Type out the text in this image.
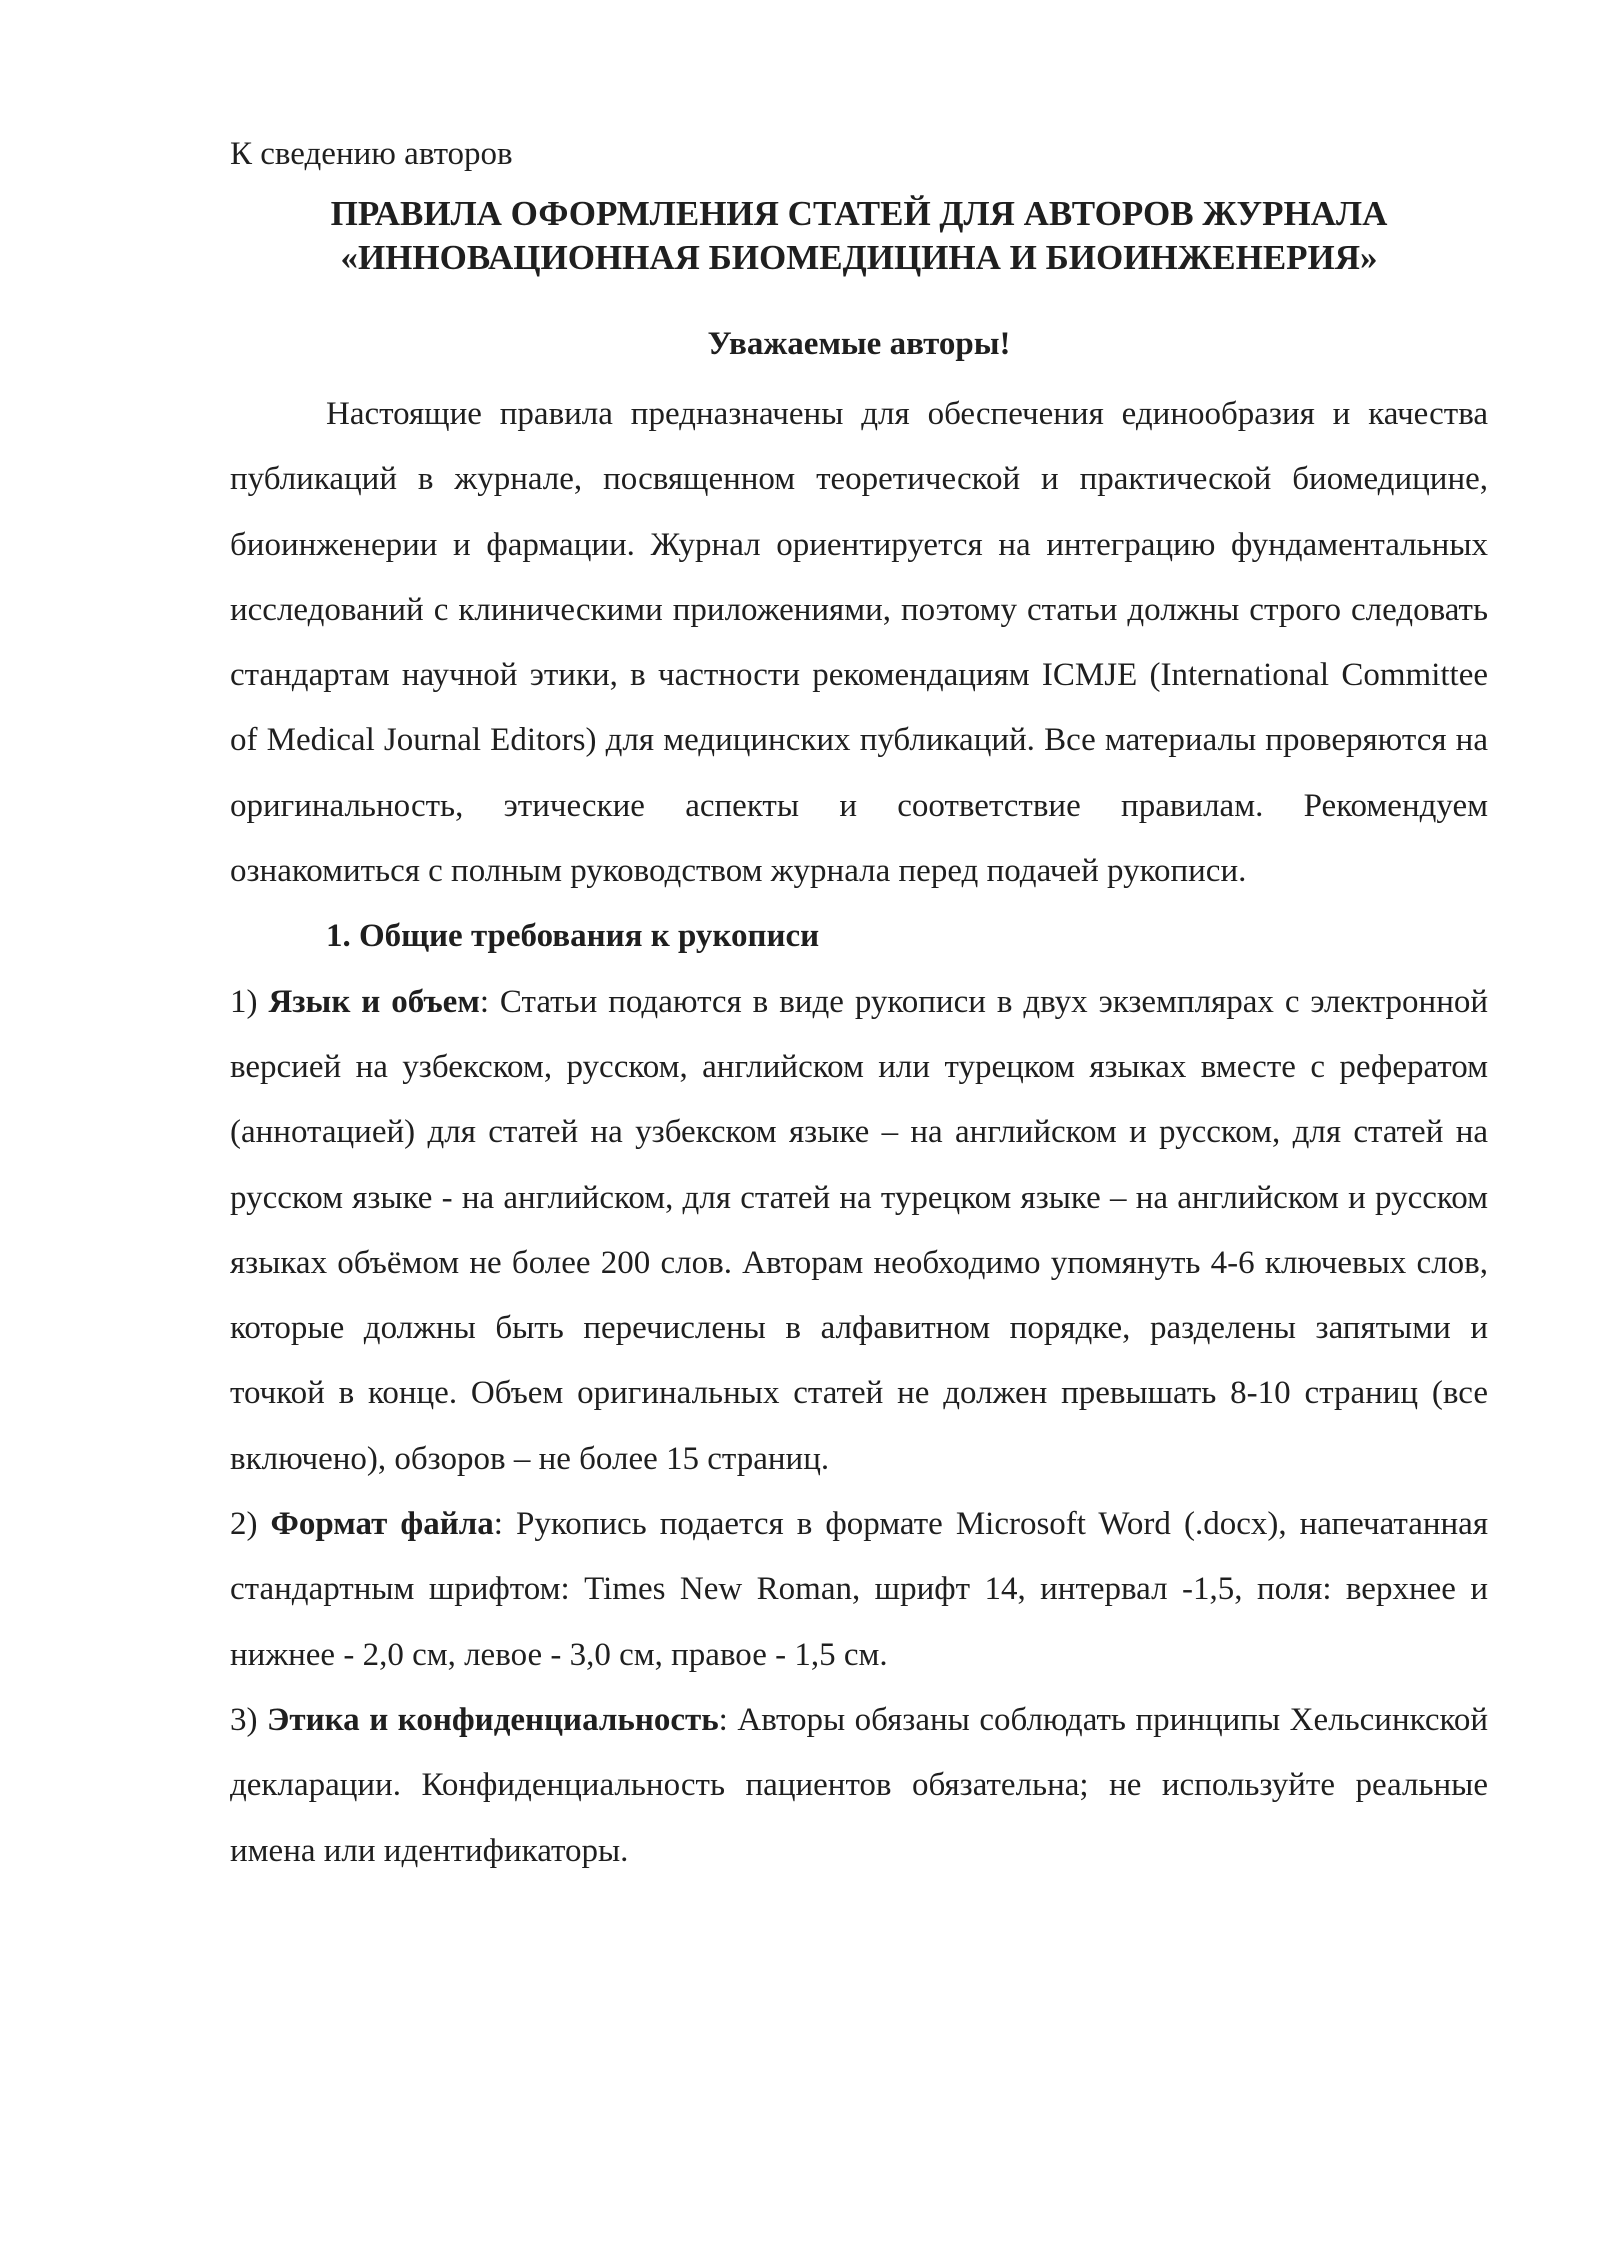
К сведению авторов
ПРАВИЛА ОФОРМЛЕНИЯ СТАТЕЙ ДЛЯ АВТОРОВ ЖУРНАЛА
«ИННОВАЦИОННАЯ БИОМЕДИЦИНА И БИОИНЖЕНЕРИЯ»
Уважаемые авторы!

Настоящие правила предназначены для обеспечения единообразия и качества публикаций в журнале, посвященном теоретической и практической биомедицине, биоинженерии и фармации. Журнал ориентируется на интеграцию фундаментальных исследований с клиническими приложениями, поэтому статьи должны строго следовать стандартам научной этики, в частности рекомендациям ICMJE (International Committee of Medical Journal Editors) для медицинских публикаций. Все материалы проверяются на оригинальность, этические аспекты и соответствие правилам. Рекомендуем ознакомиться с полным руководством журнала перед подачей рукописи.

1. Общие требования к рукописи

1) Язык и объем: Статьи подаются в виде рукописи в двух экземплярах с электронной версией на узбекском, русском, английском или турецком языках вместе с рефератом (аннотацией) для статей на узбекском языке – на английском и русском, для статей на русском языке - на английском, для статей на турецком языке – на английском и русском языках объёмом не более 200 слов. Авторам необходимо упомянуть 4-6 ключевых слов, которые должны быть перечислены в алфавитном порядке, разделены запятыми и точкой в конце. Объем оригинальных статей не должен превышать 8-10 страниц (все включено), обзоров – не более 15 страниц.

2) Формат файла: Рукопись подается в формате Microsoft Word (.docx), напечатанная стандартным шрифтом: Times New Roman, шрифт 14, интервал -1,5, поля: верхнее и нижнее - 2,0 см, левое - 3,0 см, правое - 1,5 см.

3) Этика и конфиденциальность: Авторы обязаны соблюдать принципы Хельсинкской декларации. Конфиденциальность пациентов обязательна; не используйте реальные имена или идентификаторы.
